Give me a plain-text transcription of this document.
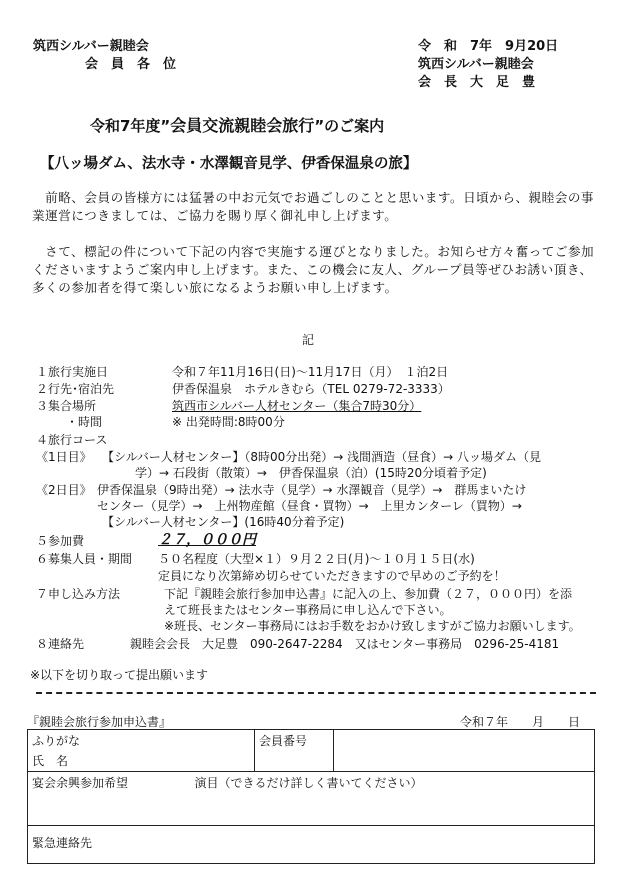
筑西シルバー親睦会
会　員　各　位
令　和　7年　9月20日
筑西シルバー親睦会
会　長　大　足　豊
令和7年度”会員交流親睦会旅行”のご案内
【八ッ場ダム、法水寺・水澤観音見学、伊香保温泉の旅】
　前略、会員の皆様方には猛暑の中お元気でお過ごしのことと思います。日頃から、親睦会の事業運営につきましては、ご協力を賜り厚く御礼申し上げます。
　さて、標記の件について下記の内容で実施する運びとなりました。お知らせ方々奮ってご参加くださいますようご案内申し上げます。また、この機会に友人、グループ員等ぜひお誘い頂き、多くの参加者を得て楽しい旅になるようお願い申し上げます。
記
１旅行実施日	令和７年11月16日(日)～11月17日（月）　１泊2日
２行先･宿泊先	伊香保温泉　ホテルきむら（TEL 0279-72-3333）
３集合場所	筑西市シルバー人材センター（集合7時30分）
・時間	※ 出発時間:8時00分
４旅行コース
《1日目》 【シルバー人材センター】（8時00分出発）→ 浅間酒造（昼食）→ 八ッ場ダム（見
学）→ 石段街（散策）→　伊香保温泉（泊）(15時20分頃着予定)
《2日目》 伊香保温泉（9時出発）→ 法水寺（見学）→ 水澤観音（見学）→　群馬まいたけ
センター（見学）→　上州物産館（昼食・買物）→　上里カンターレ（買物）→
【シルバー人材センター】(16時40分着予定)
５参加費	２７，０００円
６募集人員・期間 ５０名程度（大型×１）９月２２日(月)～１０月１５日(水)
定員になり次第締め切らせていただきますので早めのご予約を！
７申し込み方法	下記『親睦会旅行参加申込書』に記入の上、参加費（２７，０００円）を添
えて班長またはセンター事務局に申し込んで下さい。
※班長、センター事務局にはお手数をおかけ致しますがご協力お願いします。
８連絡先	親睦会会長　大足豊　090-2647-2284　又はセンター事務局　0296-25-4181
※以下を切り取って提出願います
『親睦会旅行参加申込書』	令和７年　　月　　日
ふりがな
氏　名	会員番号	

宴会余興参加希望	演目（できるだけ詳しく書いてください）	

緊急連絡先		
